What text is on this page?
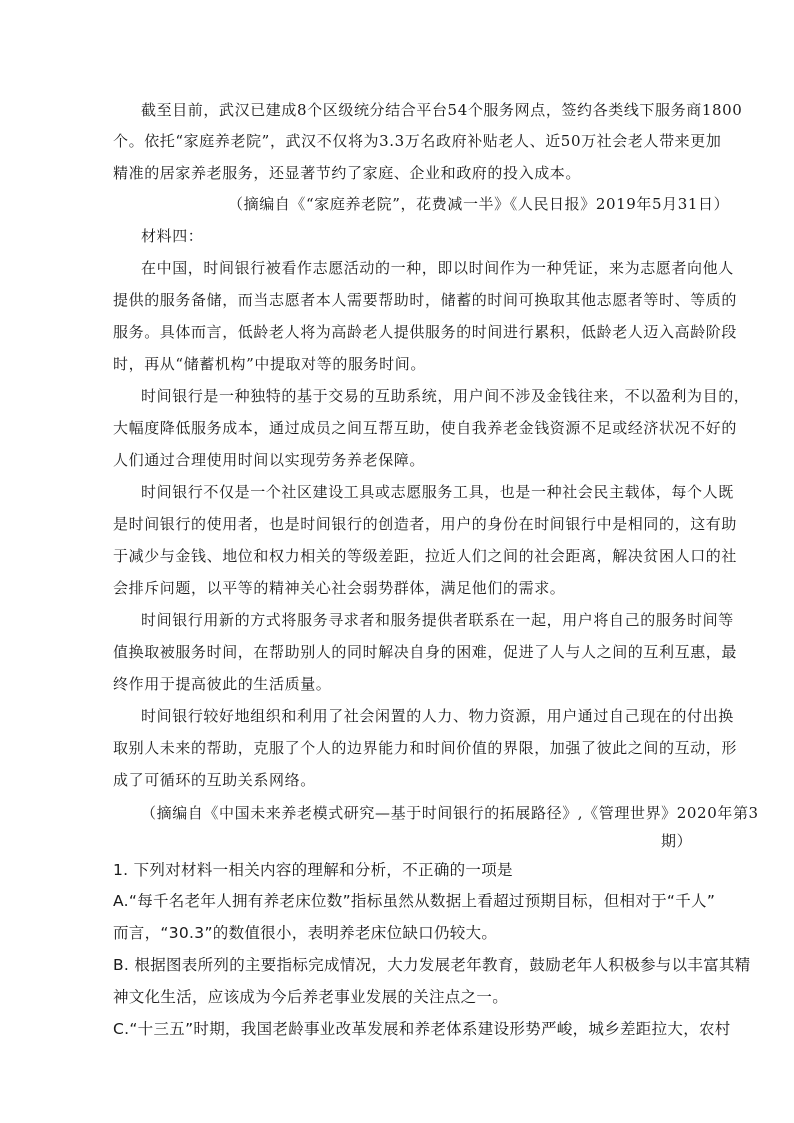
截至目前，武汉已建成8个区级统分结合平台54个服务网点，签约各类线下服务商1800
个。依托“家庭养老院”，武汉不仅将为3.3万名政府补贴老人、近50万社会老人带来更加
精准的居家养老服务，还显著节约了家庭、企业和政府的投入成本。
（摘编自《“家庭养老院”，花费减一半》《人民日报》2019年5月31日）
材料四：
在中国，时间银行被看作志愿活动的一种，即以时间作为一种凭证，来为志愿者向他人
提供的服务备储，而当志愿者本人需要帮助时，储蓄的时间可换取其他志愿者等时、等质的
服务。具体而言，低龄老人将为高龄老人提供服务的时间进行累积，低龄老人迈入高龄阶段
时，再从“储蓄机构”中提取对等的服务时间。
时间银行是一种独特的基于交易的互助系统，用户间不涉及金钱往来，不以盈利为目的，
大幅度降低服务成本，通过成员之间互帮互助，使自我养老金钱资源不足或经济状况不好的
人们通过合理使用时间以实现劳务养老保障。
时间银行不仅是一个社区建设工具或志愿服务工具，也是一种社会民主载体，每个人既
是时间银行的使用者，也是时间银行的创造者，用户的身份在时间银行中是相同的，这有助
于减少与金钱、地位和权力相关的等级差距，拉近人们之间的社会距离，解决贫困人口的社
会排斥问题，以平等的精神关心社会弱势群体，满足他们的需求。
时间银行用新的方式将服务寻求者和服务提供者联系在一起，用户将自己的服务时间等
值换取被服务时间，在帮助别人的同时解决自身的困难，促进了人与人之间的互利互惠，最
终作用于提高彼此的生活质量。
时间银行较好地组织和利用了社会闲置的人力、物力资源，用户通过自己现在的付出换
取别人未来的帮助，克服了个人的边界能力和时间价值的界限，加强了彼此之间的互动，形
成了可循环的互助关系网络。
（摘编自《中国未来养老模式研究—基于时间银行的拓展路径》,《管理世界》2020年第3
期）
1. 下列对材料一相关内容的理解和分析，不正确的一项是
A.“每千名老年人拥有养老床位数”指标虽然从数据上看超过预期目标，但相对于“千人”
而言，“30.3”的数值很小，表明养老床位缺口仍较大。
B. 根据图表所列的主要指标完成情况，大力发展老年教育，鼓励老年人积极参与以丰富其精
神文化生活，应该成为今后养老事业发展的关注点之一。
C.“十三五”时期，我国老龄事业改革发展和养老体系建设形势严峻，城乡差距拉大，农村
